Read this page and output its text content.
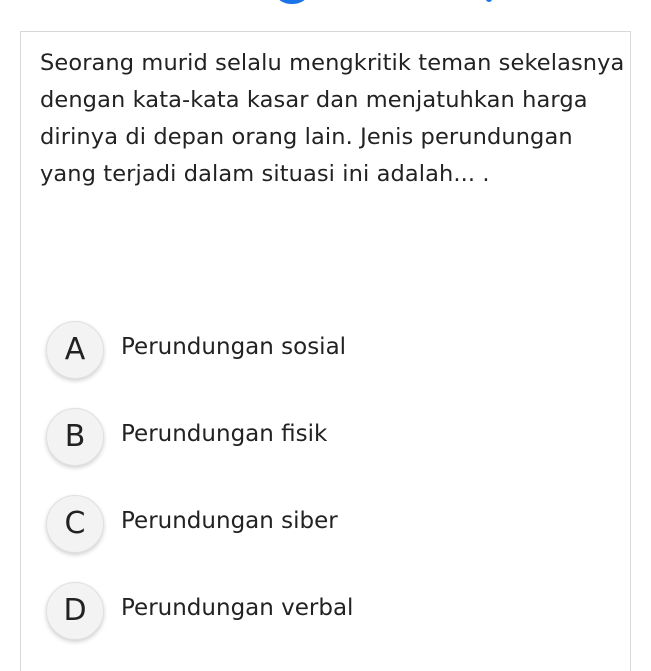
Seorang murid selalu mengkritik teman sekelasnya dengan kata-kata kasar dan menjatuhkan harga dirinya di depan orang lain. Jenis perundungan yang terjadi dalam situasi ini adalah... .

A	Perundungan sosial
B	Perundungan fisik
C	Perundungan siber
D	Perundungan verbal
